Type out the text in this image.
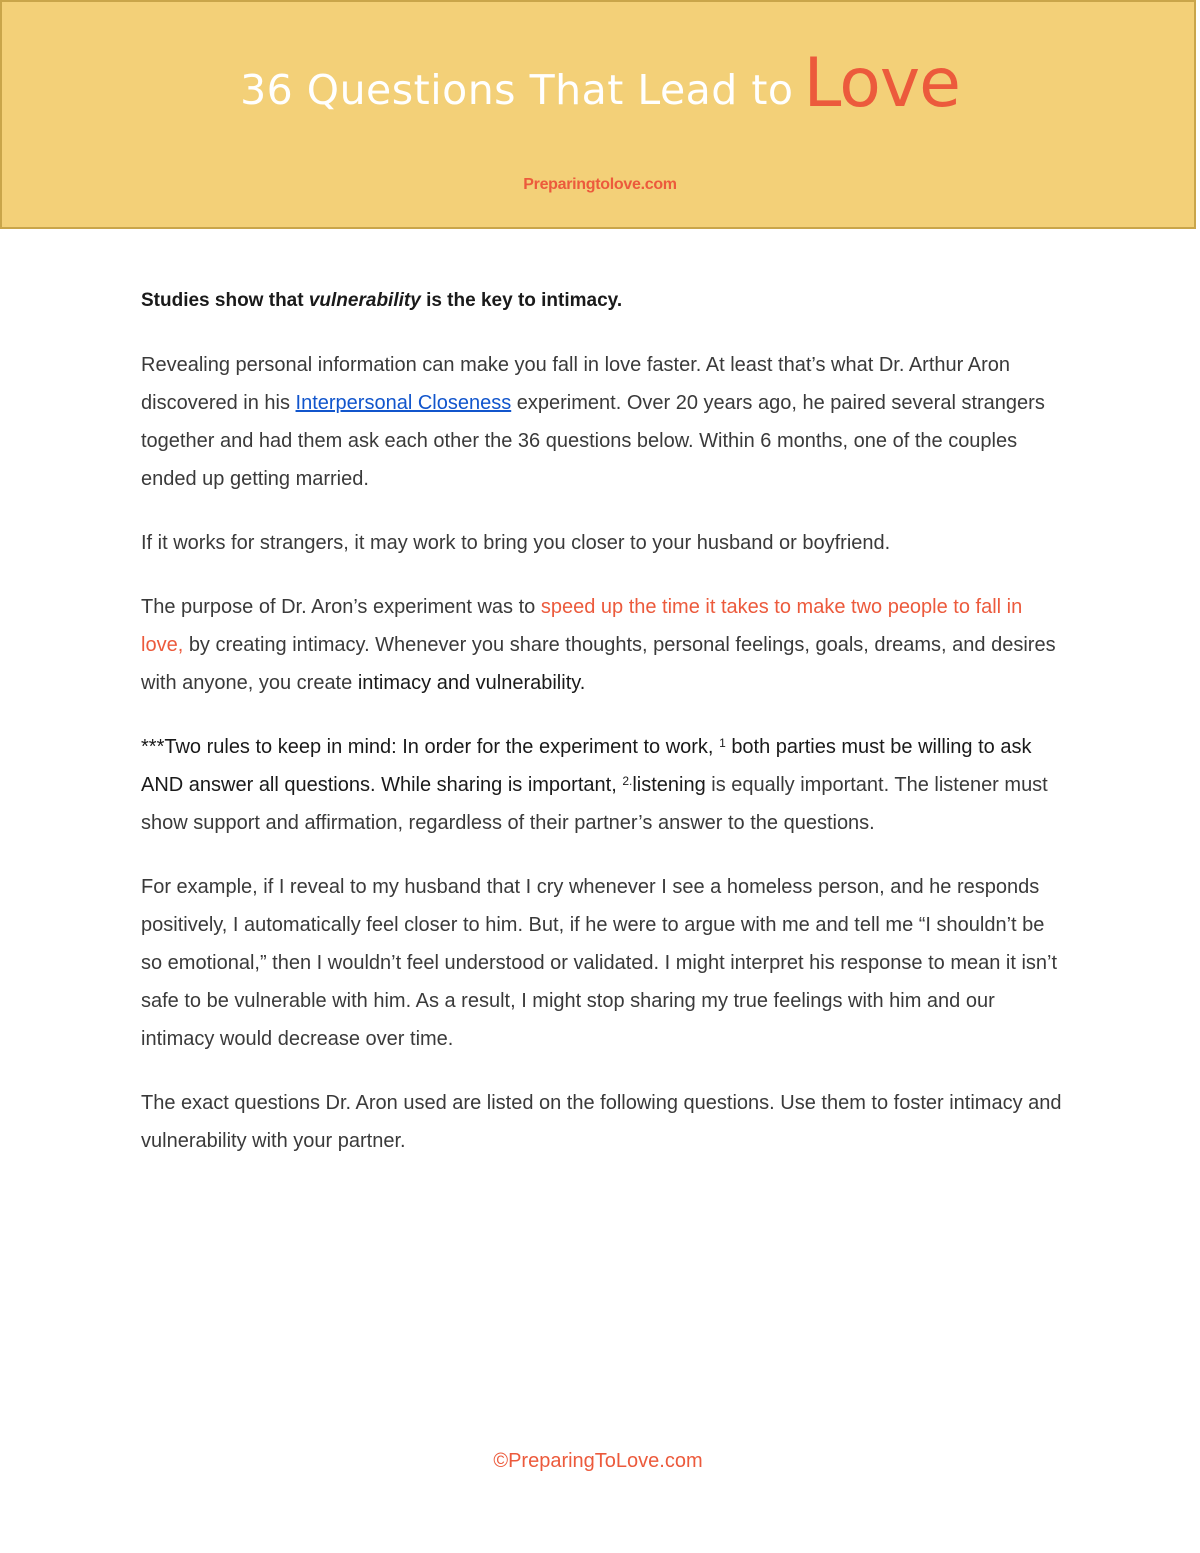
36 Questions That Lead to Love
Preparingtolove.com

Studies show that vulnerability is the key to intimacy.

Revealing personal information can make you fall in love faster. At least that’s what Dr. Arthur Aron discovered in his Interpersonal Closeness experiment. Over 20 years ago, he paired several strangers together and had them ask each other the 36 questions below. Within 6 months, one of the couples ended up getting married.

If it works for strangers, it may work to bring you closer to your husband or boyfriend.

The purpose of Dr. Aron’s experiment was to speed up the time it takes to make two people to fall in love, by creating intimacy. Whenever you share thoughts, personal feelings, goals, dreams, and desires with anyone, you create intimacy and vulnerability.

***Two rules to keep in mind: In order for the experiment to work, $^1$ both parties must be willing to ask AND answer all questions. While sharing is important, $^{2.}$listening is equally important. The listener must show support and affirmation, regardless of their partner’s answer to the questions.

For example, if I reveal to my husband that I cry whenever I see a homeless person, and he responds positively, I automatically feel closer to him. But, if he were to argue with me and tell me “I shouldn’t be so emotional,” then I wouldn’t feel understood or validated. I might interpret his response to mean it isn’t safe to be vulnerable with him. As a result, I might stop sharing my true feelings with him and our intimacy would decrease over time.

The exact questions Dr. Aron used are listed on the following questions. Use them to foster intimacy and vulnerability with your partner.

©PreparingToLove.com
